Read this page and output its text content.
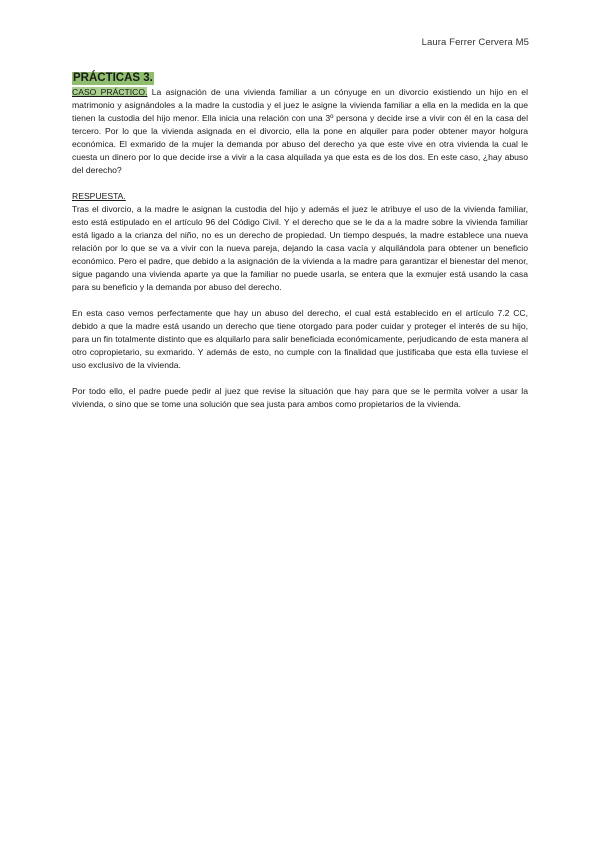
Laura Ferrer Cervera M5
PRÁCTICAS 3.

CASO PRÁCTICO. La asignación de una vivienda familiar a un cónyuge en un divorcio existiendo un hijo en el matrimonio y asignándoles a la madre la custodia y el juez le asigne la vivienda familiar a ella en la medida en la que tienen la custodia del hijo menor. Ella inicia una relación con una 3º persona y decide irse a vivir con él en la casa del tercero. Por lo que la vivienda asignada en el divorcio, ella la pone en alquiler para poder obtener mayor holgura económica. El exmarido de la mujer la demanda por abuso del derecho ya que este vive en otra vivienda la cual le cuesta un dinero por lo que decide irse a vivir a la casa alquilada ya que esta es de los dos. En este caso, ¿hay abuso del derecho?

RESPUESTA.

Tras el divorcio, a la madre le asignan la custodia del hijo y además el juez le atribuye el uso de la vivienda familiar, esto está estipulado en el artículo 96 del Código Civil. Y el derecho que se le da a la madre sobre la vivienda familiar está ligado a la crianza del niño, no es un derecho de propiedad. Un tiempo después, la madre establece una nueva relación por lo que se va a vivir con la nueva pareja, dejando la casa vacía y alquilándola para obtener un beneficio económico. Pero el padre, que debido a la asignación de la vivienda a la madre para garantizar el bienestar del menor, sigue pagando una vivienda aparte ya que la familiar no puede usarla, se entera que la exmujer está usando la casa para su beneficio y la demanda por abuso del derecho.

En esta caso vemos perfectamente que hay un abuso del derecho, el cual está establecido en el artículo 7.2 CC, debido a que la madre está usando un derecho que tiene otorgado para poder cuidar y proteger el interés de su hijo, para un fin totalmente distinto que es alquilarlo para salir beneficiada económicamente, perjudicando de esta manera al otro copropietario, su exmarido. Y además de esto, no cumple con la finalidad que justificaba que esta ella tuviese el uso exclusivo de la vivienda.

Por todo ello, el padre puede pedir al juez que revise la situación que hay para que se le permita volver a usar la vivienda, o sino que se tome una solución que sea justa para ambos como propietarios de la vivienda.
